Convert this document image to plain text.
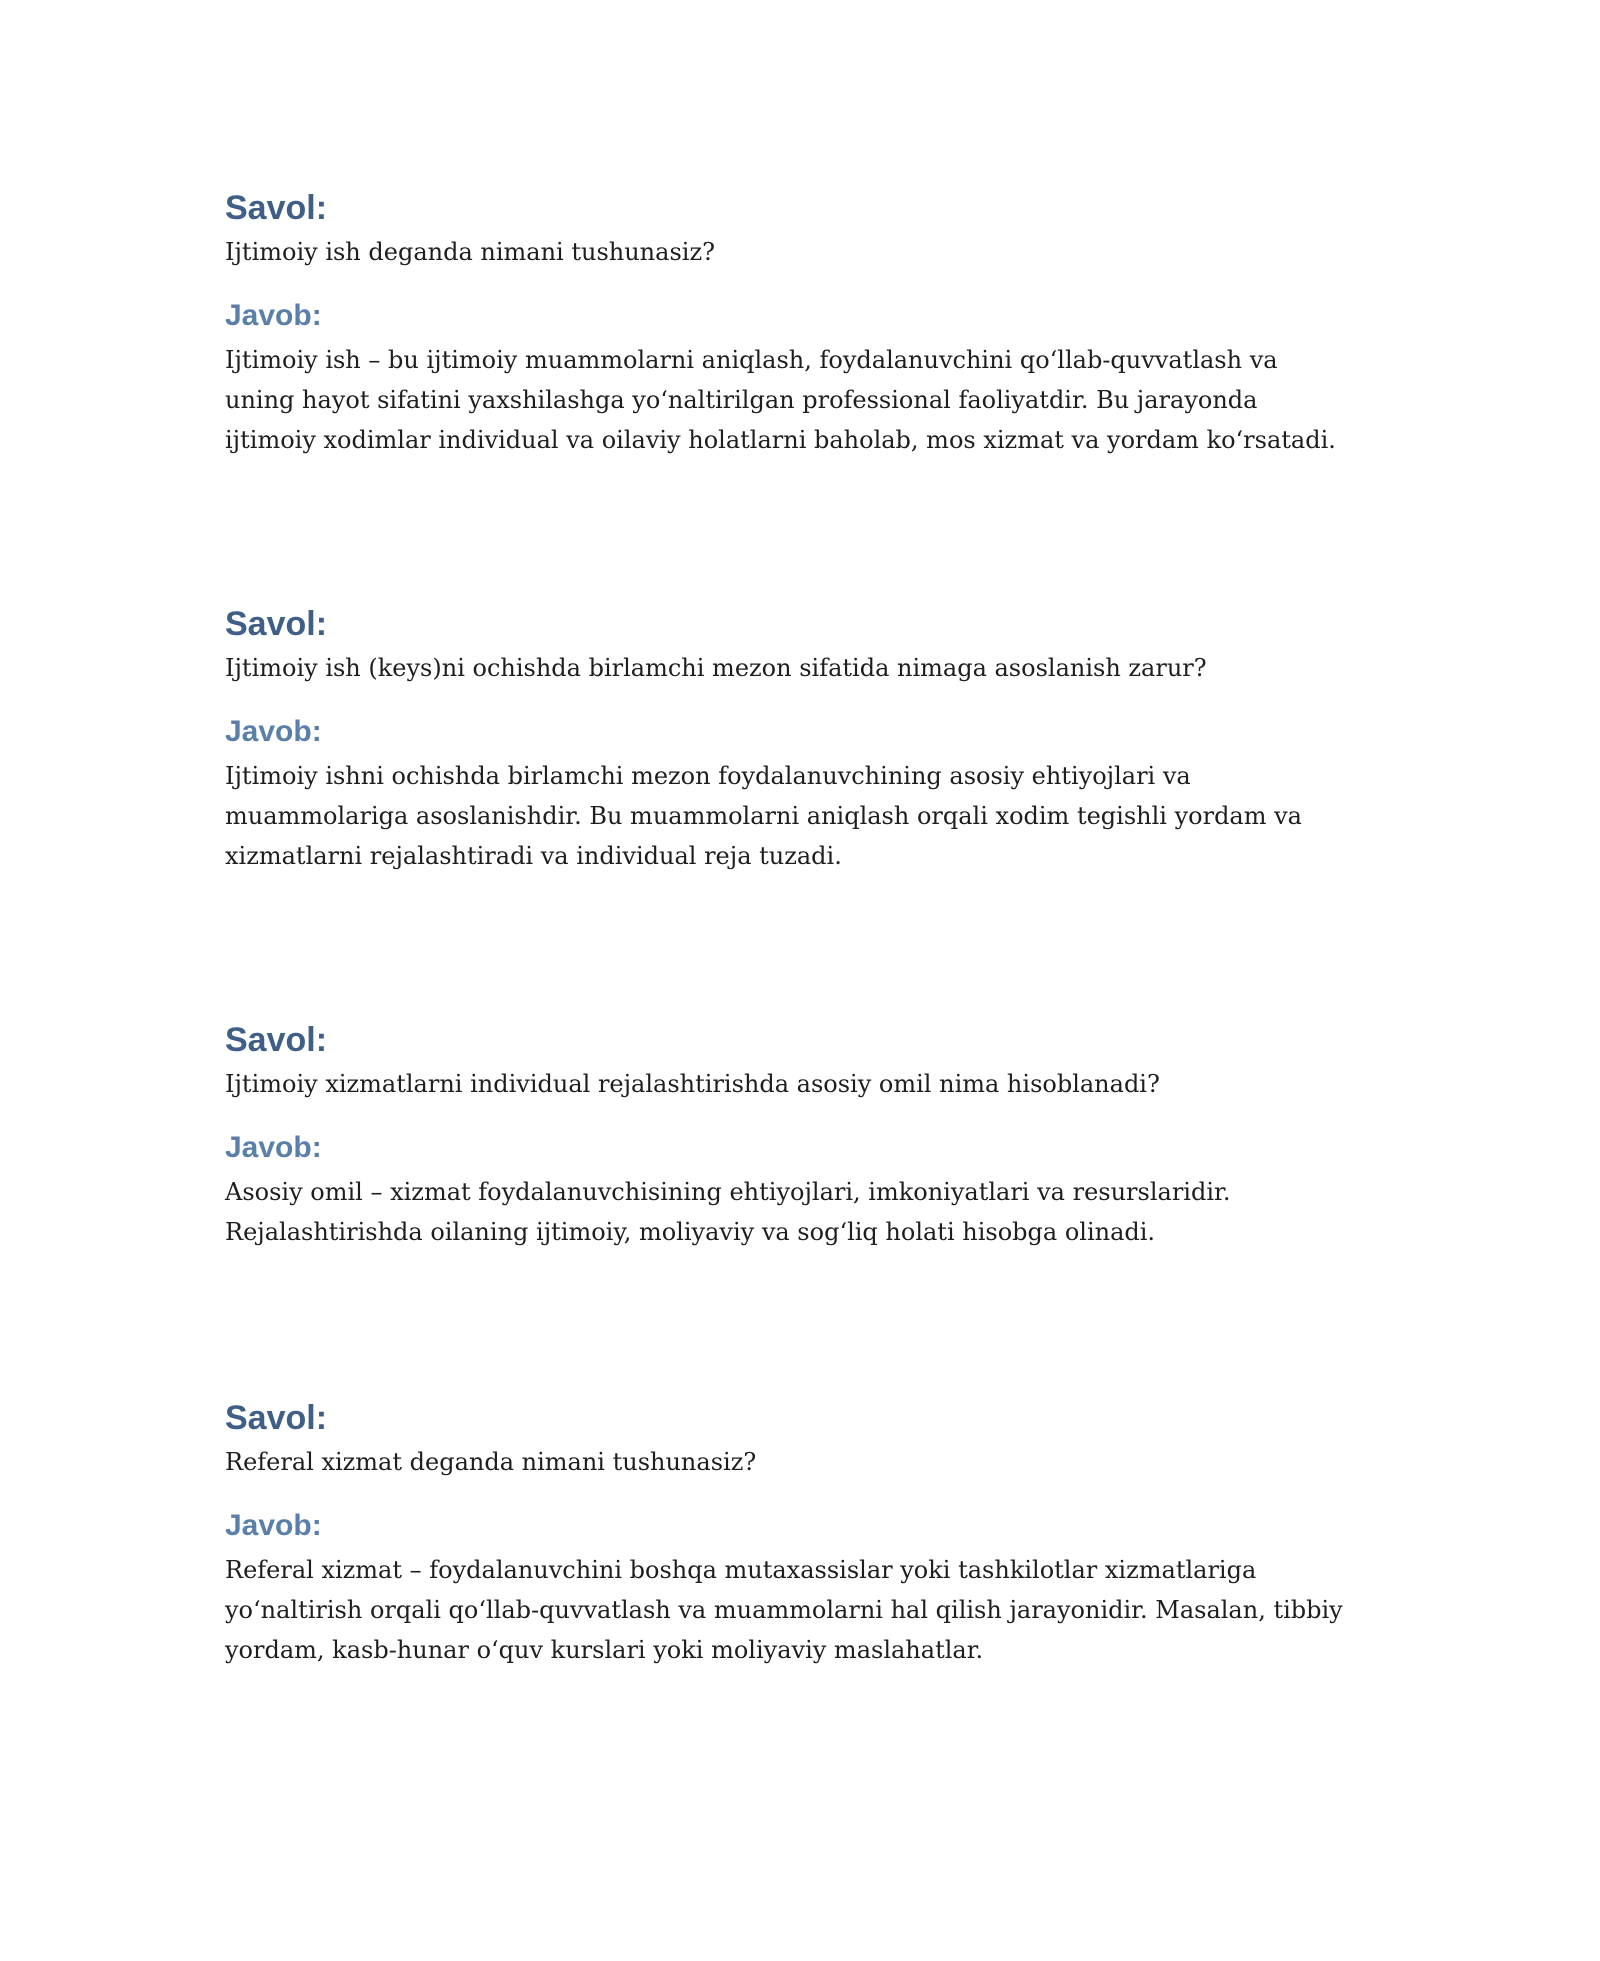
Savol:
Ijtimoiy ish deganda nimani tushunasiz?
Javob:
Ijtimoiy ish – bu ijtimoiy muammolarni aniqlash, foydalanuvchini qo‘llab-quvvatlash va
uning hayot sifatini yaxshilashga yo‘naltirilgan professional faoliyatdir. Bu jarayonda
ijtimoiy xodimlar individual va oilaviy holatlarni baholab, mos xizmat va yordam ko‘rsatadi.
Savol:
Ijtimoiy ish (keys)ni ochishda birlamchi mezon sifatida nimaga asoslanish zarur?
Javob:
Ijtimoiy ishni ochishda birlamchi mezon foydalanuvchining asosiy ehtiyojlari va
muammolariga asoslanishdir. Bu muammolarni aniqlash orqali xodim tegishli yordam va
xizmatlarni rejalashtiradi va individual reja tuzadi.
Savol:
Ijtimoiy xizmatlarni individual rejalashtirishda asosiy omil nima hisoblanadi?
Javob:
Asosiy omil – xizmat foydalanuvchisining ehtiyojlari, imkoniyatlari va resurslaridir.
Rejalashtirishda oilaning ijtimoiy, moliyaviy va sog‘liq holati hisobga olinadi.
Savol:
Referal xizmat deganda nimani tushunasiz?
Javob:
Referal xizmat – foydalanuvchini boshqa mutaxassislar yoki tashkilotlar xizmatlariga
yo‘naltirish orqali qo‘llab-quvvatlash va muammolarni hal qilish jarayonidir. Masalan, tibbiy
yordam, kasb-hunar o‘quv kurslari yoki moliyaviy maslahatlar.
